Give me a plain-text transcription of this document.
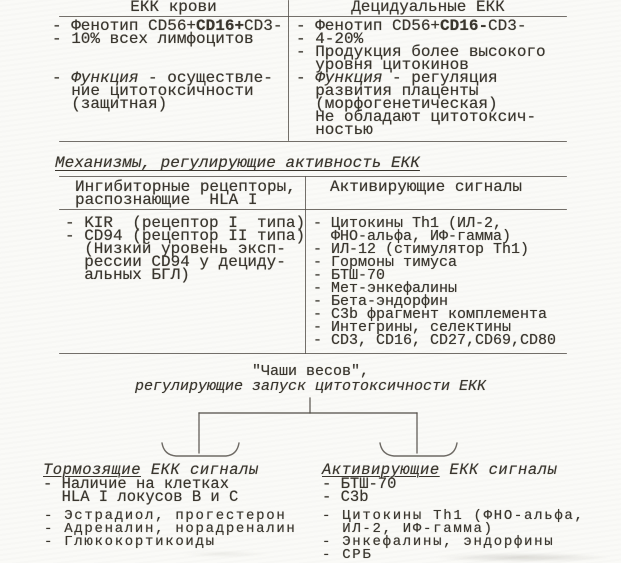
ЕКК крови	Децидуальные ЕКК
- Фенотип CD56+CD16+CD3-
- 10% всех лимфоцитов

- Функция - осуществле-
ние цитотоксичности
(защитная)
- Фенотип CD56+CD16-CD3-
- 4-20%
- Продукция более высокого
уровня цитокинов
- Функция - регуляция
развития плаценты
(морфогенетическая)
Не обладают цитотоксич-
ностью
Механизмы, регулирующие активность ЕКК
Ингибиторные рецепторы,
распознающие  HLA I
Активирующие сигналы
- KIR  (рецептор I  типа)
- CD94 (рецептор II типа)
(Низкий уровень эксп-
рессии CD94 у дециду-
альных БГЛ)
- Цитокины Th1 (ИЛ-2,
ФНО-альфа, ИФ-гамма)
- ИЛ-12 (стимулятор Th1)
- Гормоны тимуса
- БТШ-70
- Мет-энкефалины
- Бета-эндорфин
- C3b фрагмент комплемента
- Интегрины, селектины
- CD3, CD16, CD27,CD69,CD80
"Чаши весов",
регулирующие запуск цитотоксичности ЕКК
Тормозящие ЕКК сигналы
- Наличие на клетках
HLA I локусов В и С
- Эстрадиол, прогестерон
- Адреналин, норадреналин
- Глюкокортикоиды
Активирующие ЕКК сигналы
- БТШ-70
- С3b
- Цитокины Th1 (ФНО-альфа,
ИЛ-2, ИФ-гамма)
- Энкефалины, эндорфины
- СРБ
